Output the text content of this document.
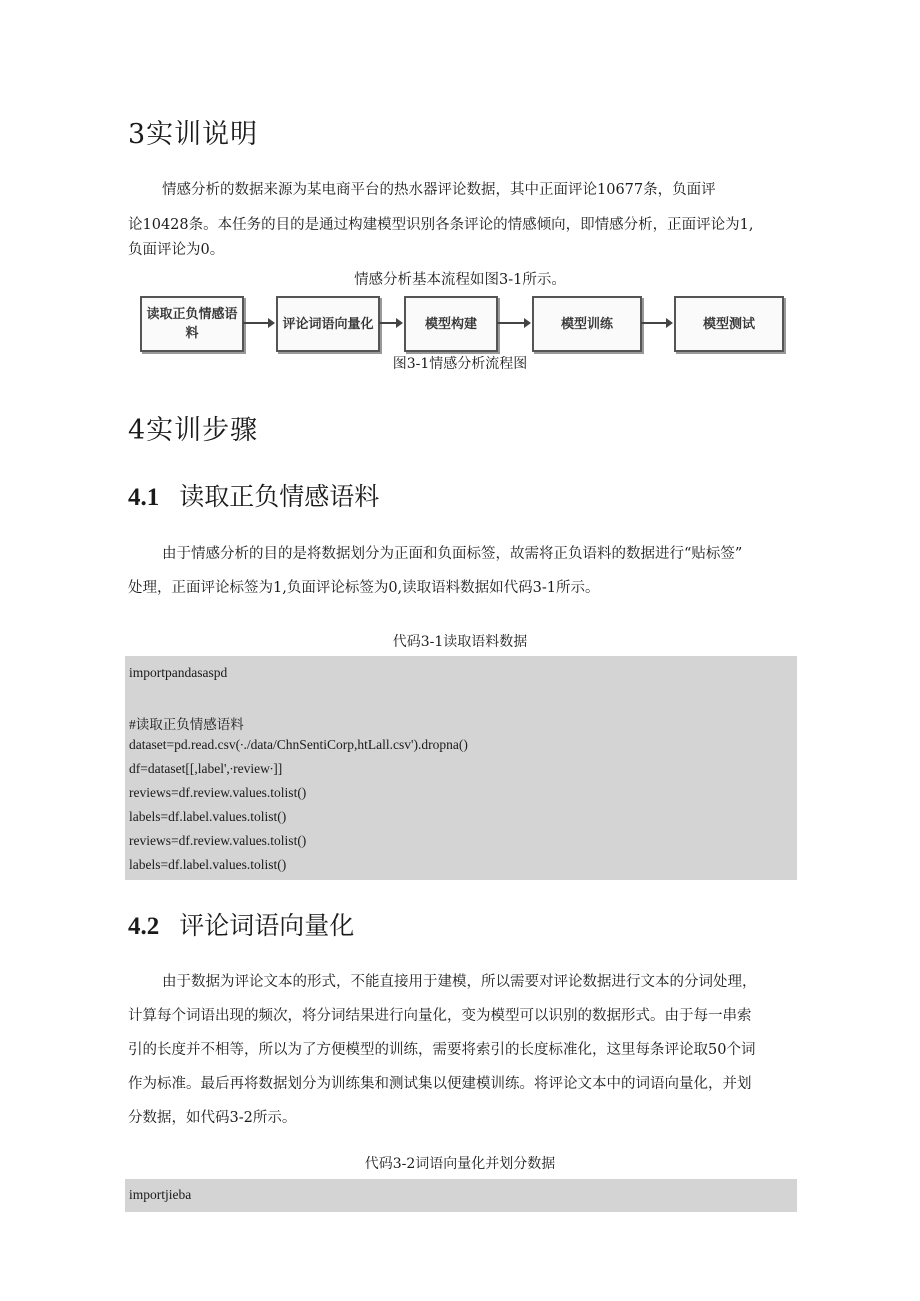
3实训说明
情感分析的数据来源为某电商平台的热水器评论数据，其中正面评论10677条，负面评
论10428条。本任务的目的是通过构建模型识别各条评论的情感倾向，即情感分析，正面评论为1,
负面评论为0。
情感分析基本流程如图3-1所示。
读取正负情感语料
评论词语向量化	模型构建	模型训练	模型测试
图3-1情感分析流程图
4实训步骤
4.1 读取正负情感语料
由于情感分析的目的是将数据划分为正面和负面标签，故需将正负语料的数据进行“贴标签”
处理，正面评论标签为1,负面评论标签为0,读取语料数据如代码3-1所示。
代码3-1读取语料数据
importpandasaspd
#读取正负情感语料
dataset=pd.read.csv(∙./data/ChnSentiCorp,htLall.csv').dropna()
df=dataset[[,label',∙review∙]]
reviews=df.review.values.tolist()
labels=df.label.values.tolist()
reviews=df.review.values.tolist()
labels=df.label.values.tolist()
4.2 评论词语向量化
由于数据为评论文本的形式，不能直接用于建模，所以需要对评论数据进行文本的分词处理，
计算每个词语出现的频次，将分词结果进行向量化，变为模型可以识别的数据形式。由于每一串索
引的长度并不相等，所以为了方便模型的训练，需要将索引的长度标准化，这里每条评论取50个词
作为标准。最后再将数据划分为训练集和测试集以便建模训练。将评论文本中的词语向量化，并划
分数据，如代码3-2所示。
代码3-2词语向量化并划分数据
importjieba
